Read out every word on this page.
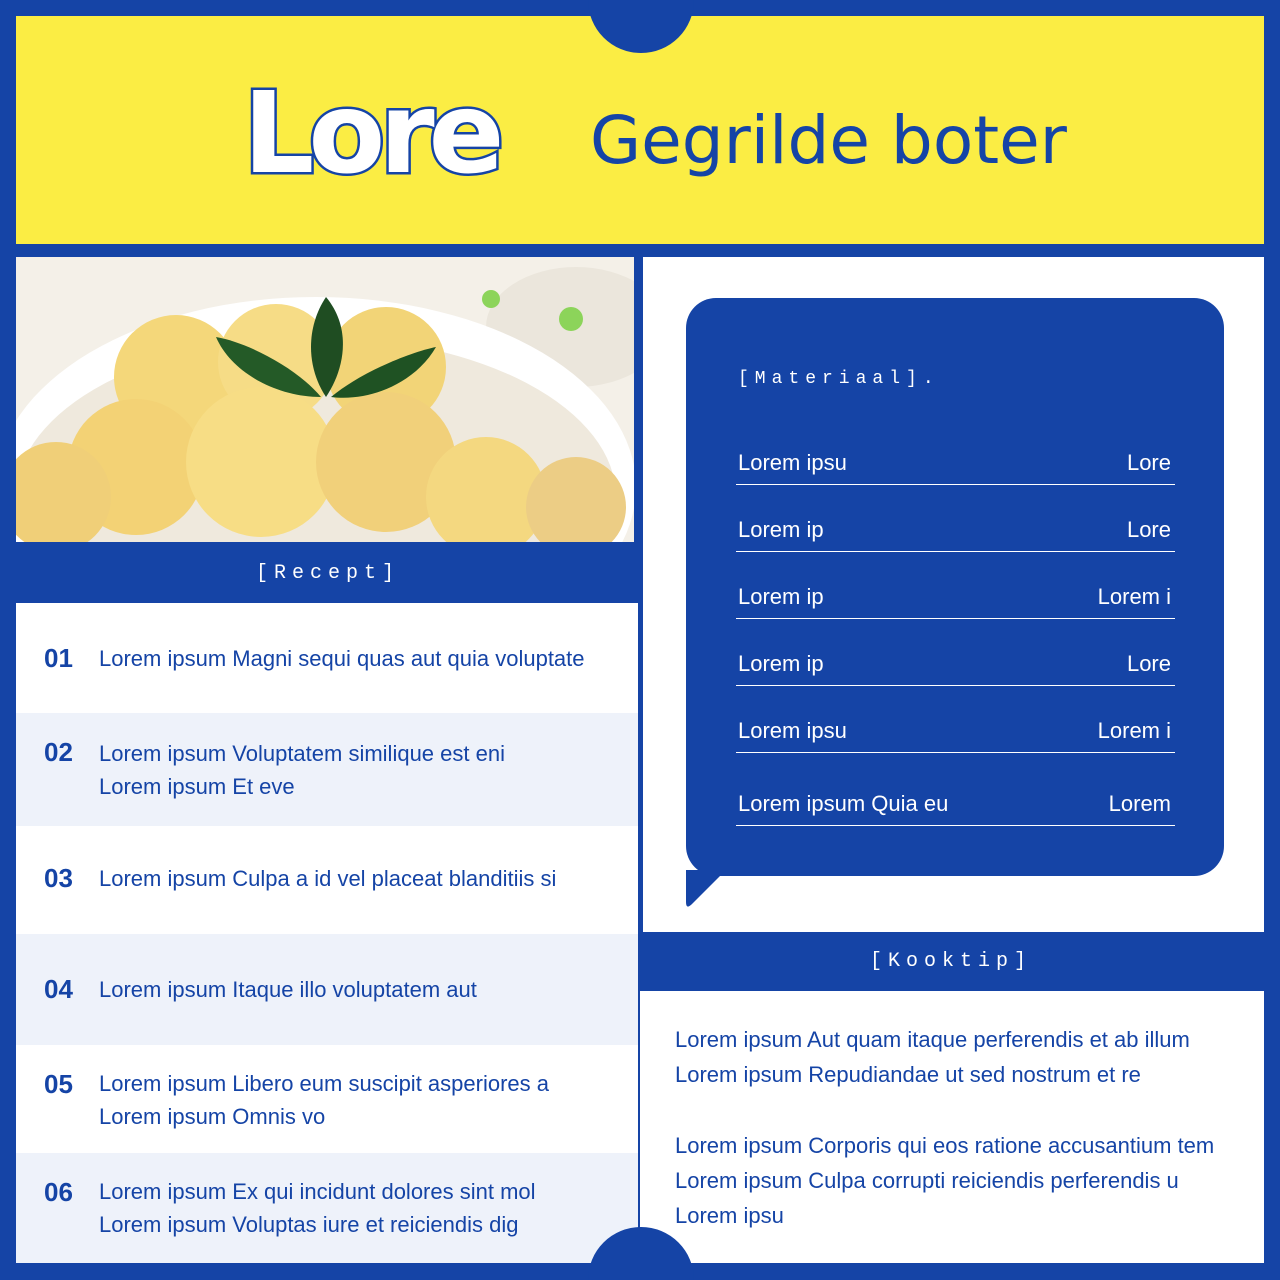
Lore Gegrilde boter
[Recept]
01 Lorem ipsum Magni sequi quas aut quia voluptate
02 Lorem ipsum Voluptatem similique est eni
Lorem ipsum Et eve
03 Lorem ipsum Culpa a id vel placeat blanditiis si
04 Lorem ipsum Itaque illo voluptatem aut
05 Lorem ipsum Libero eum suscipit asperiores a
Lorem ipsum Omnis vo
06 Lorem ipsum Ex qui incidunt dolores sint mol
Lorem ipsum Voluptas iure et reiciendis dig
[Materiaal].
Lorem ipsu	Lore
Lorem ip	Lore
Lorem ip	Lorem i
Lorem ip	Lore
Lorem ipsu	Lorem i
Lorem ipsum Quia eu	Lorem
[Kooktip]
Lorem ipsum Aut quam itaque perferendis et ab illum
Lorem ipsum Repudiandae ut sed nostrum et re
Lorem ipsum Corporis qui eos ratione accusantium tem
Lorem ipsum Culpa corrupti reiciendis perferendis u
Lorem ipsu
